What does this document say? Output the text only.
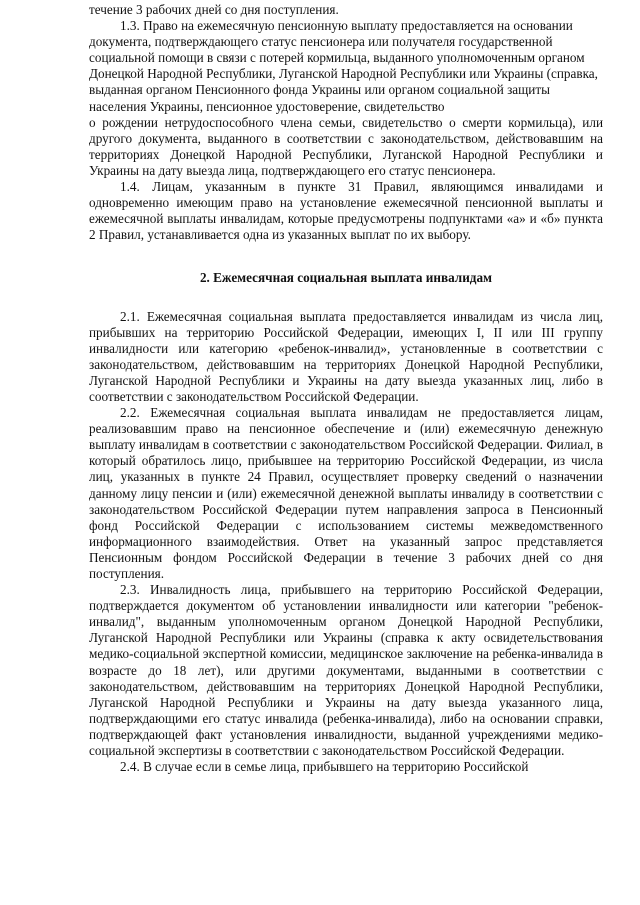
течение 3 рабочих дней со дня поступления.

1.3. Право на ежемесячную пенсионную выплату предоставляется на основании документа, подтверждающего статус пенсионера или получателя государственной социальной помощи в связи с потерей кормильца, выданного уполномоченным органом Донецкой Народной Республики, Луганской Народной Республики или Украины (справка, выданная органом Пенсионного фонда Украины или органом социальной защиты населения Украины, пенсионное удостоверение, свидетельство

о рождении нетрудоспособного члена семьи, свидетельство о смерти кормильца), или другого документа, выданного в соответствии с законодательством, действовавшим на территориях Донецкой Народной Республики, Луганской Народной Республики и Украины на дату выезда лица, подтверждающего его статус пенсионера.

1.4. Лицам, указанным в пункте 31 Правил, являющимся инвалидами и одновременно имеющим право на установление ежемесячной пенсионной выплаты и ежемесячной выплаты инвалидам, которые предусмотрены подпунктами «а» и «б» пункта 2 Правил, устанавливается одна из указанных выплат по их выбору.

2. Ежемесячная социальная выплата инвалидам

2.1. Ежемесячная социальная выплата предоставляется инвалидам из числа лиц, прибывших на территорию Российской Федерации, имеющих I, II или III группу инвалидности или категорию «ребенок-инвалид», установленные в соответствии с законодательством, действовавшим на территориях Донецкой Народной Республики, Луганской Народной Республики и Украины на дату выезда указанных лиц, либо в соответствии с законодательством Российской Федерации.

2.2. Ежемесячная социальная выплата инвалидам не предоставляется лицам, реализовавшим право на пенсионное обеспечение и (или) ежемесячную денежную выплату инвалидам в соответствии с законодательством Российской Федерации. Филиал, в который обратилось лицо, прибывшее на территорию Российской Федерации, из числа лиц, указанных в пункте 24 Правил, осуществляет проверку сведений о назначении данному лицу пенсии и (или) ежемесячной денежной выплаты инвалиду в соответствии с законодательством Российской Федерации путем направления запроса в Пенсионный фонд Российской Федерации с использованием системы межведомственного информационного взаимодействия. Ответ на указанный запрос представляется Пенсионным фондом Российской Федерации в течение 3 рабочих дней со дня поступления.

2.3. Инвалидность лица, прибывшего на территорию Российской Федерации, подтверждается документом об установлении инвалидности или категории "ребенок-инвалид", выданным уполномоченным органом Донецкой Народной Республики, Луганской Народной Республики или Украины (справка к акту освидетельствования медико-социальной экспертной комиссии, медицинское заключение на ребенка-инвалида в возрасте до 18 лет), или другими документами, выданными в соответствии с законодательством, действовавшим на территориях Донецкой Народной Республики, Луганской Народной Республики и Украины на дату выезда указанного лица, подтверждающими его статус инвалида (ребенка-инвалида), либо на основании справки, подтверждающей факт установления инвалидности, выданной учреждениями медико-социальной экспертизы в соответствии с законодательством Российской Федерации.

2.4. В случае если в семье лица, прибывшего на территорию Российской
